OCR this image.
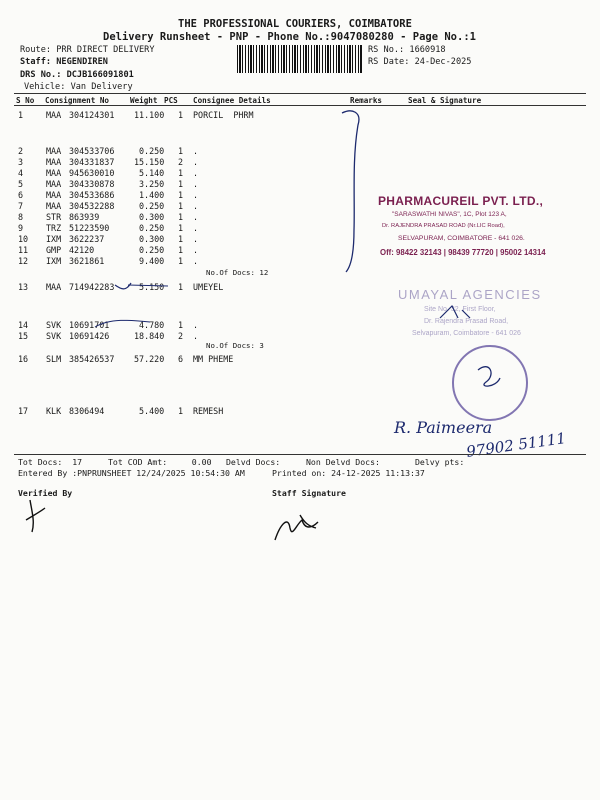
THE PROFESSIONAL COURIERS, COIMBATORE
Delivery Runsheet - PNP - Phone No.:9047080280 - Page No.:1
Route: PRR DIRECT DELIVERY
Staff: NEGENDIREN
DRS No.: DCJB166091801
Vehicle: Van Delivery
RS No.: 1660918
RS Date: 24-Dec-2025
S No Consignment No	Weight PCS Consignee Details	Remarks	Seal & Signature
1	MAA 304124301 11.100 1 PORCIL  PHRM
2	MAA 304533706	0.250 1 .
3	MAA 304331837 15.150 2 .
4	MAA 945630010	5.140 1 .
5	MAA 304330878	3.250 1 .
6	MAA 304533686	1.400 1 .
7	MAA 304532288	0.250 1 .
8	STR 863939	0.300 1 .
9	TRZ 51223590	0.250 1 .
10 IXM 3622237	0.300 1 .
11 GMP 42120	0.250 1 .
12 IXM 3621861	9.400 1 .
13 MAA 714942283	5.150 1 UMEYEL
14 SVK 10691701	4.780 1 .
15 SVK 10691426	18.840 2 .
16 SLM 385426537 57.220 6 MM PHEME
17 KLK 8306494	5.400 1 REMESH
No.Of Docs: 12
No.Of Docs: 3
PHARMACUREIL PVT. LTD.,
"SARASWATHI NIVAS", 1C, Plot 123 A,
Dr. RAJENDRA PRASAD ROAD (Nr.LIC Road),
SELVAPURAM, COIMBATORE - 641 026.
Off: 98422 32143 | 98439 77720 | 95002 14314
UMAYAL AGENCIES
Site No. 32, First Floor,
Dr. Rajendra Prasad Road,
Selvapuram, Coimbatore - 641 026
R. Paimeera
97902 51111
Tot Docs:  17	Tot COD Amt:     0.00 Delvd Docs:	Non Delvd Docs:	Delvy pts:
Entered By :PNPRUNSHEET 12/24/2025 10:54:30 AM	Printed on: 24-12-2025 11:13:37
Verified By	Staff Signature
